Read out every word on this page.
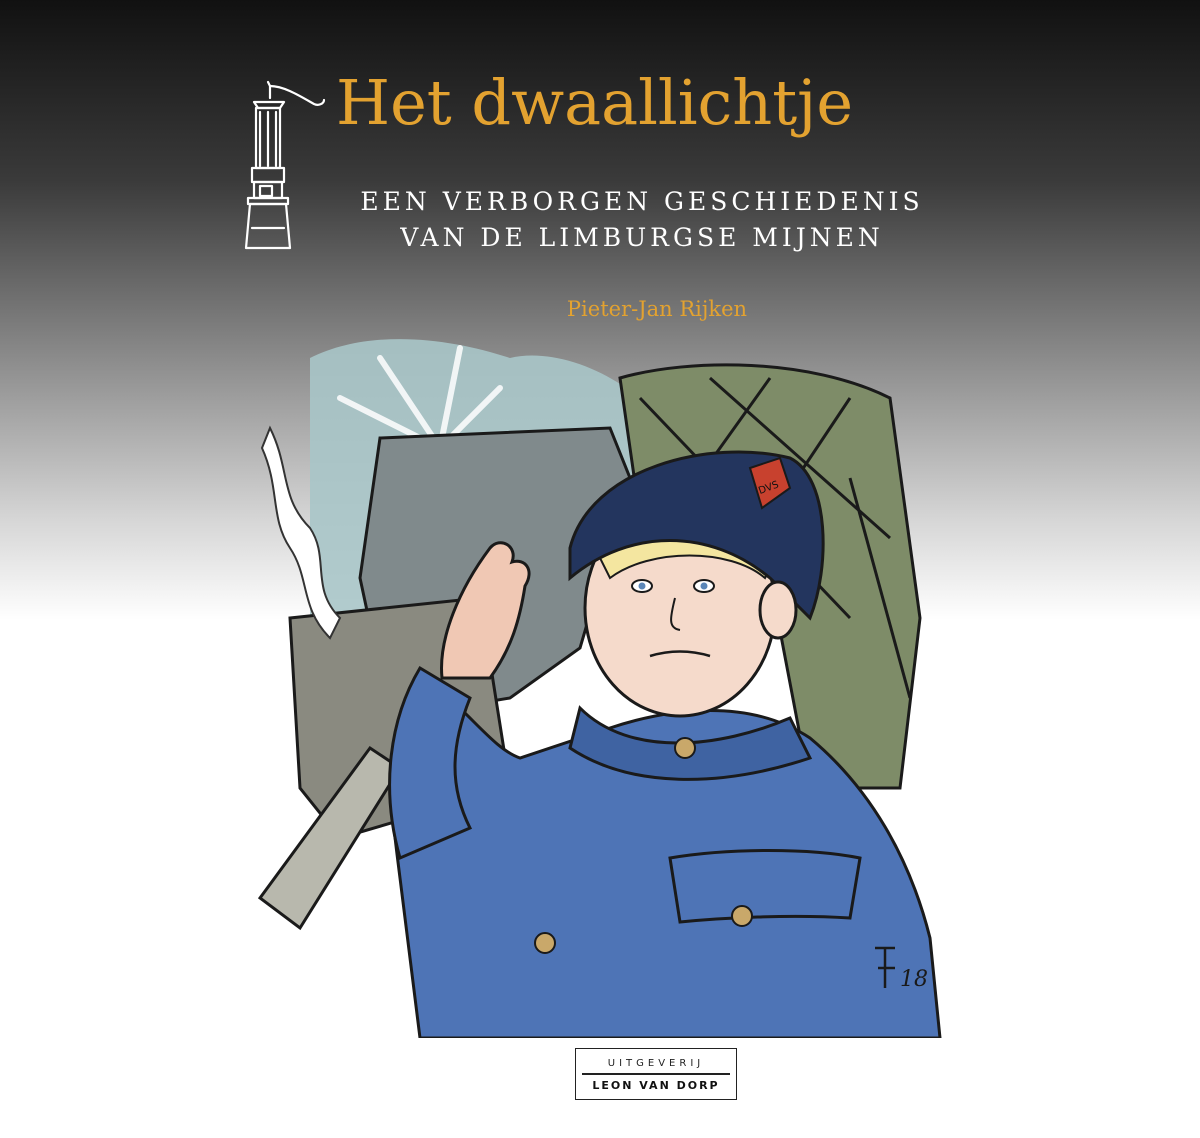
Het dwaallichtje
EEN VERBORGEN GESCHIEDENIS
VAN DE LIMBURGSE MIJNEN
Pieter-Jan Rijken
DVS
18
UITGEVERIJ
LEON VAN DORP
